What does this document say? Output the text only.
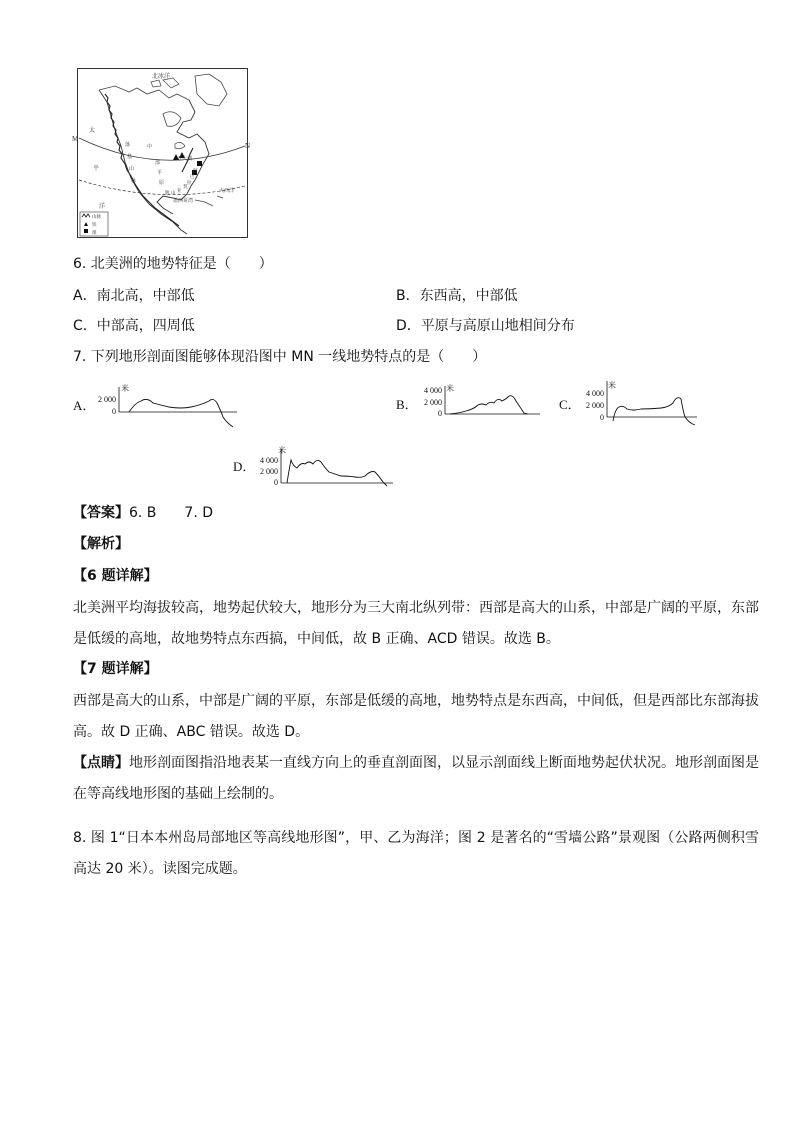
北冰洋
M
N
五大湖
墨西哥湾
大西洋
太
平
洋
落
基
山
脉
中
部
平
原
阿
巴
拉
契
亚
山
脉
山脉
铁
煤
6. 北美洲的地势特征是（　　）
A．南北高，中部低	B．东西高，中部低
C．中部高，四周低	D．平原与高原山地相间分布
7. 下列地形剖面图能够体现沿图中 MN 一线地势特点的是（　　）
A．
米
2 000
0	B．
米
4 000
2 000
0
C．
米
4 000
2 000
0
D．
米
4 000
2 000
0
【答案】6. B　　7. D
【解析】
【6 题详解】
北美洲平均海拔较高，地势起伏较大，地形分为三大南北纵列带：西部是高大的山系，中部是广阔的平原，东部是低缓的高地，故地势特点东西搞，中间低，故 B 正确、ACD 错误。故选 B。
【7 题详解】
西部是高大的山系，中部是广阔的平原，东部是低缓的高地，地势特点是东西高，中间低，但是西部比东部海拔高。故 D 正确、ABC 错误。故选 D。
【点睛】地形剖面图指沿地表某一直线方向上的垂直剖面图，以显示剖面线上断面地势起伏状况。地形剖面图是在等高线地形图的基础上绘制的。
8. 图 1“日本本州岛局部地区等高线地形图”，甲、乙为海洋；图 2 是著名的“雪墙公路”景观图（公路两侧积雪高达 20 米）。读图完成题。
